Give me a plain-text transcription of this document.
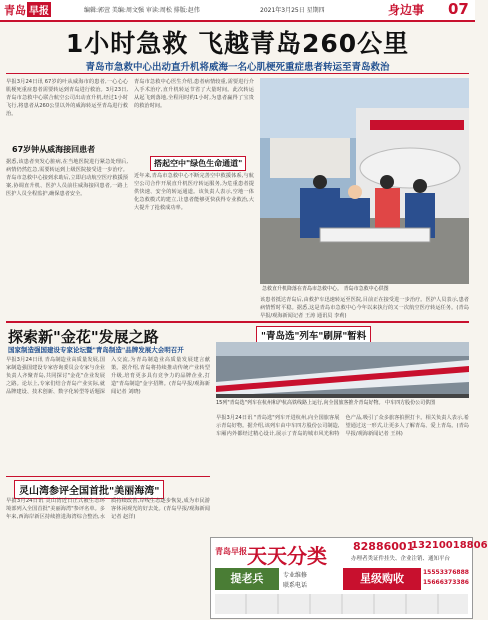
青岛 早报	编辑:郭萱 美编:周文强 审读:周松 排版:赵伟	2021年3月25日 星期四	身边事 07
1小时急救 飞越青岛260公里
青岛市急救中心出动直升机将威海一名心肌梗死重症患者转运至青岛救治
早报3月24日讯 67岁的叶从威海市的患者,一心心心肌梗死重症患者需要转运到青岛进行救治。3月23日,青岛市急救中心联合航空公司出动直升机,经过1小时飞行,将患者从260公里以外的威海转运至青岛进行救治。
67岁钟从威海接回患者
据悉,该患者突发心脏病,在当地医院进行紧急处理后,病情仍然危急,需要转运到上级医院接受进一步治疗。青岛市急救中心接到求助后,立即启动航空医疗救援预案,协调直升机、医护人员前往威海接回患者,一路上医护人员全程监护,确保患者安全。
青岛市急救中心医生介绍,患者病情较重,需要进行介入手术治疗,直升机转运节省了大量时间。此次转运从起飞到落地,全程用时约1小时,为患者赢得了宝贵的救治时间。
搭起空中"绿色生命通道"
近年来,青岛市急救中心不断完善空中救援体系,与航空公司合作开展直升机医疗转运服务,为危重患者提供快速、安全的转运通道。该负责人表示,空地一体化急救模式的建立,让患者能够更快获得专业救治,大大提升了抢救成功率。
急救直升机降落在青岛市急救中心。 青岛市急救中心供图
该患者抵达青岛后,由救护车迅速转运至医院,目前正在接受进一步治疗。医护人员表示,患者病情暂时平稳。据悉,这是青岛市急救中心今年以来执行的又一次航空医疗转运任务。(青岛早报/观海新闻记者 王涛 通讯员 李莉)
探索新"金花"发展之路
国家制造强国建设专家论坛暨"青岛制造"品牌发展大会明召开
早报3月24日讯 青岛制造业高质量发展,国家制造强国建设专家咨询委员会专家与企业负责人齐聚青岛,共同探讨"金花"企业发展之路。论坛上,专家们结合青岛产业实际,就品牌建设、技术创新、数字化转型等话题深入交流,为青岛制造业高质量发展建言献策。据介绍,青岛将持续推动传统产业转型升级,培育更多具有竞争力的品牌企业,打造"青岛制造"金字招牌。(青岛早报/观海新闻记者 刘晓)
"青岛选"列车"刷屏"暂料
15列"青岛选"列车在杭州和沪杭高铁线路上运行,向全国旅客推介青岛好物。 中车四方股份公司供图
早报3月24日讯 "青岛选"列车开进杭州,向全国旅客展示青岛好物。据介绍,该列车由中车四方股份公司制造,车厢内外都经过精心设计,展示了青岛的城市风光和特色产品,吸引了众多旅客拍照打卡。相关负责人表示,希望通过这一形式,让更多人了解青岛、爱上青岛。(青岛早报/观海新闻记者 王林)
灵山湾参评全国首批"美丽海湾"
早报3月24日讯 灵山湾近日正式被生态环境部列入全国首批"美丽海湾"参评名单。多年来,西海岸新区持续推进海湾综合整治,水质持续改善,岸线生态逐步恢复,成为市民游客休闲观光的好去处。(青岛早报/观海新闻记者 赵洋)
青岛早报 天天分类 82886001
13210018806
办理者类证件挂失、企业注销、通知平台
提老兵	专业维修
联系电话
星级购收	15553376888
15666373386
